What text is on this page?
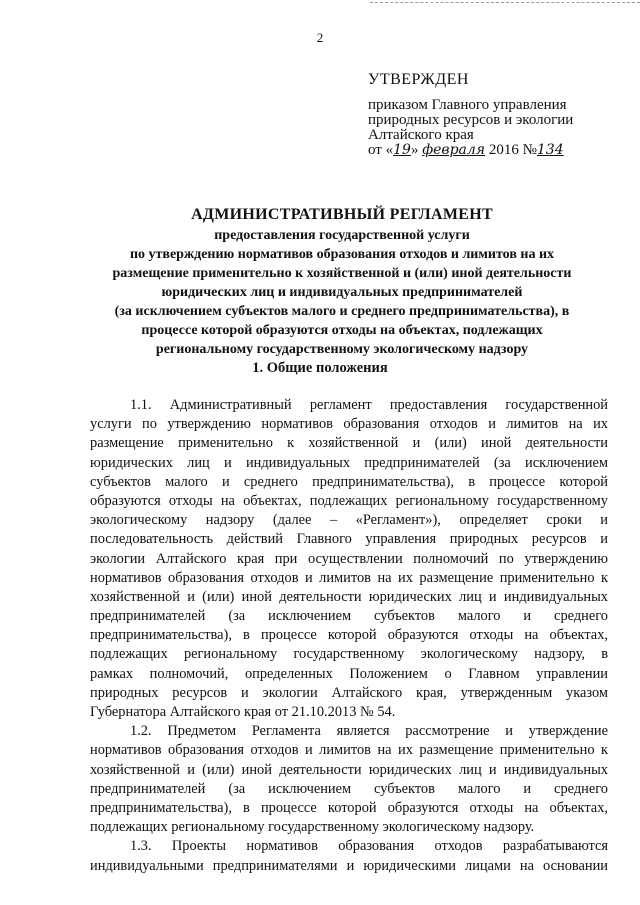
2
УТВЕРЖДЕН
приказом Главного управления
природных ресурсов и экологии
Алтайского края
от «19» февраля 2016 №134
АДМИНИСТРАТИВНЫЙ РЕГЛАМЕНТ
предоставления государственной услуги
по утверждению нормативов образования отходов и лимитов на их
размещение применительно к хозяйственной и (или) иной деятельности
юридических лиц и индивидуальных предпринимателей
(за исключением субъектов малого и среднего предпринимательства), в
процессе которой образуются отходы на объектах, подлежащих
региональному государственному экологическому надзору
1. Общие положения
1.1. Административный регламент предоставления государственной
услуги по утверждению нормативов образования отходов и лимитов на их
размещение применительно к хозяйственной и (или) иной деятельности
юридических лиц и индивидуальных предпринимателей (за исключением
субъектов малого и среднего предпринимательства), в процессе которой
образуются отходы на объектах, подлежащих региональному государственному
экологическому надзору (далее – «Регламент»), определяет сроки и
последовательность действий Главного управления природных ресурсов и
экологии Алтайского края при осуществлении полномочий по утверждению
нормативов образования отходов и лимитов на их размещение применительно к
хозяйственной и (или) иной деятельности юридических лиц и индивидуальных
предпринимателей (за исключением субъектов малого и среднего
предпринимательства), в процессе которой образуются отходы на объектах,
подлежащих региональному государственному экологическому надзору, в
рамках полномочий, определенных Положением о Главном управлении
природных ресурсов и экологии Алтайского края, утвержденным указом
Губернатора Алтайского края от 21.10.2013 № 54.
1.2. Предметом Регламента является рассмотрение и утверждение
нормативов образования отходов и лимитов на их размещение применительно к
хозяйственной и (или) иной деятельности юридических лиц и индивидуальных
предпринимателей (за исключением субъектов малого и среднего
предпринимательства), в процессе которой образуются отходы на объектах,
подлежащих региональному государственному экологическому надзору.
1.3. Проекты нормативов образования отходов разрабатываются
индивидуальными предпринимателями и юридическими лицами на основании
